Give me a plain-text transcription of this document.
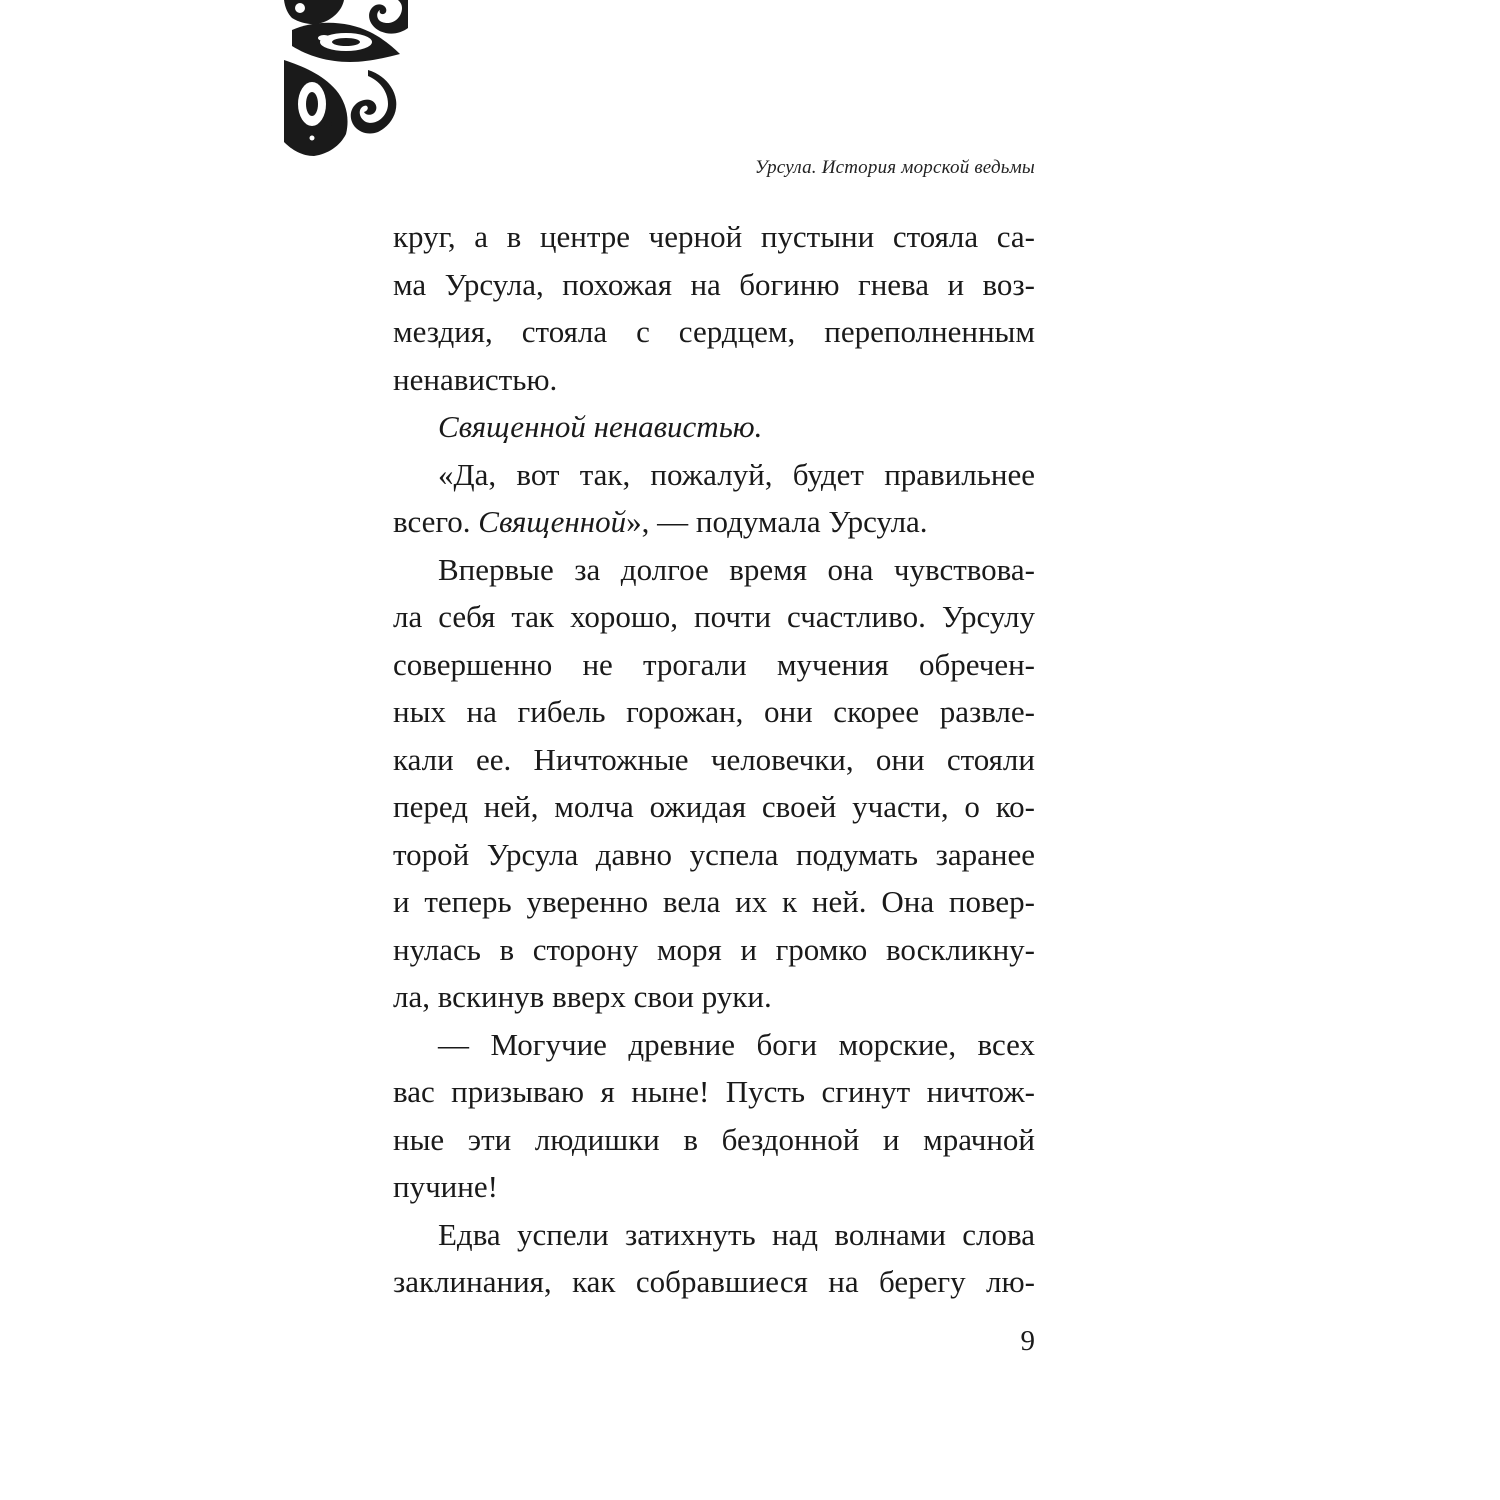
Урсула. История морской ведьмы
круг, а в центре черной пустыни стояла са-
ма Урсула, похожая на богиню гнева и воз-
мездия, стояла с сердцем, переполненным
ненавистью.
Священной ненавистью.
«Да, вот так, пожалуй, будет правильнее
всего. Священной», — подумала Урсула.
Впервые за долгое время она чувствова-
ла себя так хорошо, почти счастливо. Урсулу
совершенно не трогали мучения обречен-
ных на гибель горожан, они скорее развле-
кали ее. Ничтожные человечки, они стояли
перед ней, молча ожидая своей участи, о ко-
торой Урсула давно успела подумать заранее
и теперь уверенно вела их к ней. Она повер-
нулась в сторону моря и громко воскликну-
ла, вскинув вверх свои руки.
— Могучие древние боги морские, всех
вас призываю я ныне! Пусть сгинут ничтож-
ные эти людишки в бездонной и мрачной
пучине!
Едва успели затихнуть над волнами слова
заклинания, как собравшиеся на берегу лю-
9
